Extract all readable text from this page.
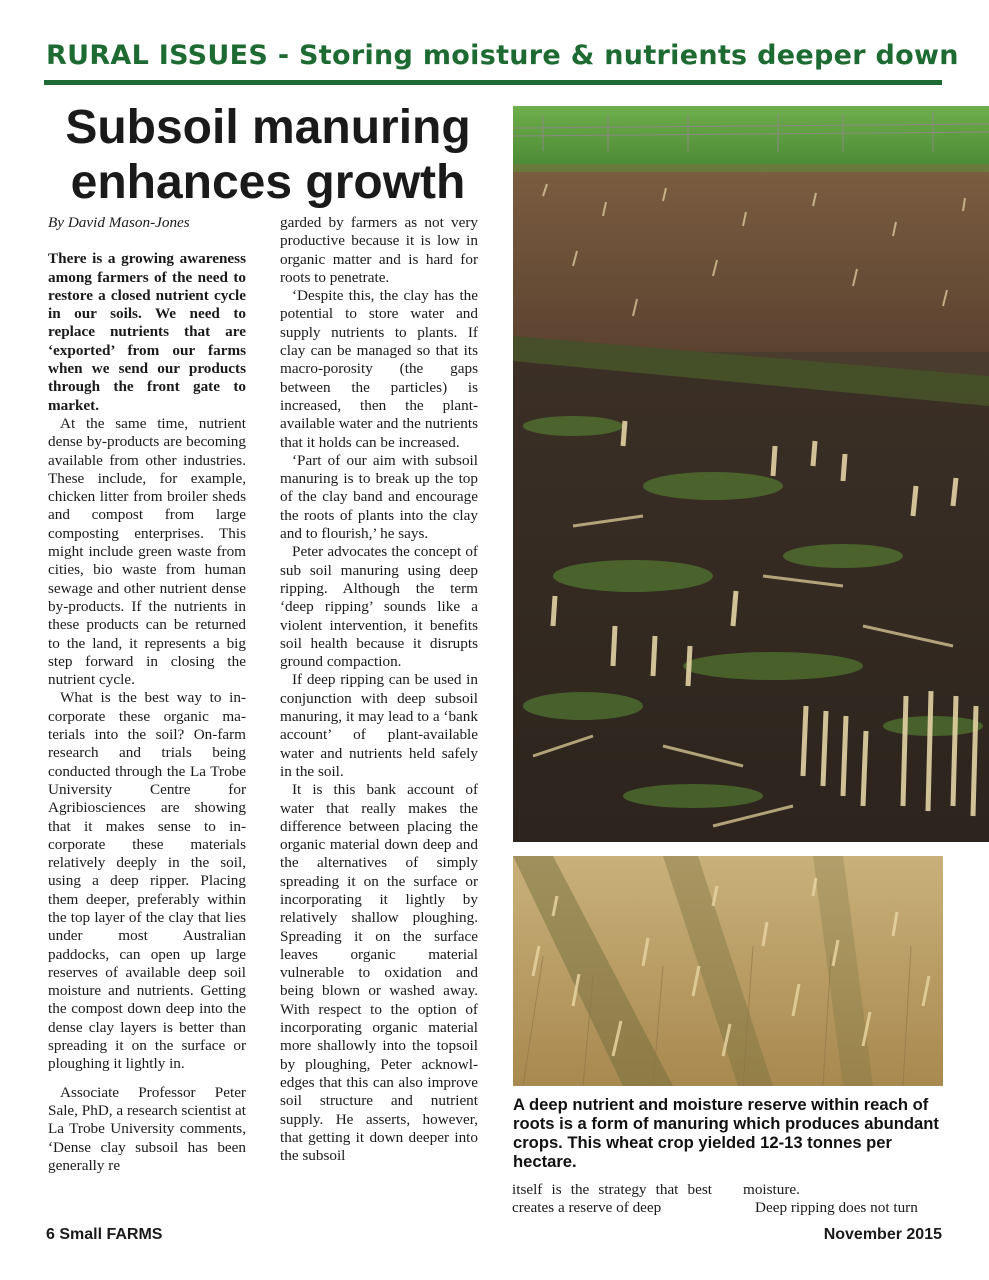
RURAL ISSUES - Storing moisture & nutrients deeper down
Subsoil manuring
enhances growth

By David Mason-Jones

There is a growing awareness among farmers of the need to restore a closed nutrient cycle in our soils. We need to replace nutrients that are ‘exported’ from our farms when we send our products through the front gate to market.

At the same time, nutrient dense by-products are becoming available from other industries. These include, for example, chicken litter from broiler sheds and compost from large composting enterprises. This might include green waste from cities, bio waste from human sewage and other nutrient dense by-products. If the nutrients in these products can be returned to the land, it represents a big step forward in closing the nutrient cycle.

What is the best way to incorporate these organic materials into the soil? On-farm research and trials being conducted through the La Trobe University Centre for Agribiosciences are showing that it makes sense to incorporate these materials relatively deeply in the soil, using a deep ripper. Placing them deeper, preferably within the top layer of the clay that lies under most Australian paddocks, can open up large reserves of available deep soil moisture and nutrients. Getting the compost down deep into the dense clay layers is better than spreading it on the surface or ploughing it lightly in.

Associate Professor Peter Sale, PhD, a research scientist at La Trobe University comments, ‘Dense clay subsoil has been generally re

garded by farmers as not very productive because it is low in organic matter and is hard for roots to penetrate.

‘Despite this, the clay has the potential to store water and supply nutrients to plants. If clay can be managed so that its macro-porosity (the gaps between the particles) is increased, then the plant-available water and the nutrients that it holds can be increased.

‘Part of our aim with subsoil manuring is to break up the top of the clay band and encourage the roots of plants into the clay and to flourish,’ he says.

Peter advocates the concept of sub soil manuring using deep ripping. Although the term ‘deep ripping’ sounds like a violent intervention, it benefits soil health because it disrupts ground compaction.

If deep ripping can be used in conjunction with deep subsoil manuring, it may lead to a ‘bank account’ of plant-available water and nutrients held safely in the soil.

It is this bank account of water that really makes the difference between placing the organic material down deep and the alternatives of simply spreading it on the surface or incorporating it lightly by relatively shallow ploughing. Spreading it on the surface leaves organic material vulnerable to oxidation and being blown or washed away. With respect to the option of incorporating organic material more shallowly into the topsoil by ploughing, Peter acknowledges that this can also improve soil structure and nutrient supply. He asserts, however, that getting it down deeper into the subsoil

A deep nutrient and moisture reserve within reach of roots is a form of manuring which produces abundant crops. This wheat crop yielded 12-13 tonnes per hectare.

itself is the strategy that best creates a reserve of deep

moisture.

Deep ripping does not turn

6 Small FARMS	November 2015
